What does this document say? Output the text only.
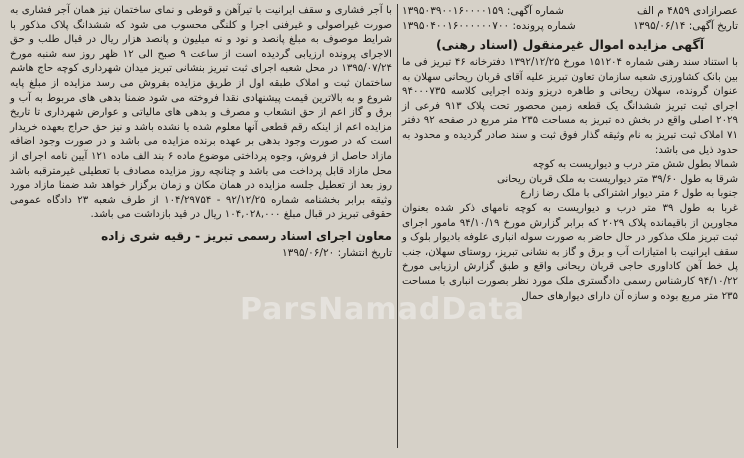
عصرازادی ۴۸۵۹ م الف
شماره آگهی: ۱۳۹۵۰۳۹۰۰۱۶۰۰۰۰۱۵۹
تاریخ آگهی: ۱۳۹۵/۰۶/۱۴
شماره پرونده: ۱۳۹۵۰۴۰۰۱۶۰۰۰۰۰۰۷۰۰
آگهی مزایده اموال غیرمنقول (اسناد رهنی)
با استناد سند رهنی شماره ۱۵۱۲۰۴ مورخ ۱۳۹۲/۱۲/۲۵ دفترخانه ۴۶ تبریز فی ما بین بانک کشاورزی شعبه سازمان تعاون تبریز علیه آقای قربان ریحانی سهلان به عنوان گرونده، سهلان ریحانی و طاهره دریزو ونده اجرایی کلاسه ۹۴۰۰۰۷۳۵ اجرای ثبت تبریز ششدانگ یک قطعه زمین محصور تحت پلاک ۹۱۳ فرعی از ۲۰۲۹ اصلی واقع در بخش ده تبریز به مساحت ۲۳۵ متر مربع در صفحه ۹۲ دفتر ۷۱ املاک ثبت تبریز به نام وثیقه گذار فوق ثبت و سند صادر گردیده و محدود به حدود ذیل می باشد:
شمالا بطول شش متر درب و دیواریست به کوچه
شرقا به طول ۳۹/۶۰ متر دیواریست به ملک قربان ریحانی
جنوبا به طول ۶ متر دیوار اشتراکی با ملک رضا زارع
غربا به طول ۳۹ متر درب و دیواریست به کوچه نامهای ذکر شده بعنوان مجاورین از باقیمانده پلاک ۲۰۲۹ که برابر گزارش مورخ ۹۴/۱۰/۱۹ مامور اجرای ثبت تبریز ملک مذکور در حال حاضر به صورت سوله انباری علوفه بادیوار بلوک و سقف ایرانیت با امتیازات آب و برق و گاز به نشانی تبریز، روستای سهلان، جنب پل خط آهن کاداوری حاجی قربان ریحانی واقع و طبق گزارش ارزیابی مورخ ۹۴/۱۰/۲۲ کارشناس رسمی دادگستری ملک مورد نظر بصورت انباری با مساحت ۲۳۵ متر مربع بوده و سازه آن دارای دیوارهای حمال
با آجر فشاری و سقف ایرانیت با تیرآهن و قوطی و نمای ساختمان نیز همان آجر فشاری به صورت غیراصولی و غیرفنی اجرا و کلنگی محسوب می شود که ششدانگ پلاک مذکور با شرایط موصوف به مبلغ پانصد و نود و نه میلیون و پانصد هزار ریال در قبال طلب و حق الاجرای پرونده ارزیابی گردیده است از ساعت ۹ صبح الی ۱۲ ظهر روز سه شنبه مورخ ۱۳۹۵/۰۷/۲۴ در محل شعبه اجرای ثبت تبریز بنشانی تبریز میدان شهرداری کوچه حاج هاشم ساختمان ثبت و املاک طبقه اول از طریق مزایده بفروش می رسد مزایده از مبلغ پایه شروع و به بالاترین قیمت پیشنهادی نقدا فروخته می شود ضمنا بدهی های مربوط به آب و برق و گاز اعم از حق انشعاب و مصرف و بدهی های مالیاتی و عوارض شهرداری تا تاریخ مزایده اعم از اینکه رقم قطعی آنها معلوم شده یا نشده باشد و نیز حق حراج بعهده خریدار است که در صورت وجود بدهی بر عهده برنده مزایده می باشد و در صورت وجود اضافه مازاد حاصل از فروش، وجوه پرداختی موضوع ماده ۶ بند الف ماده ۱۲۱ آیین نامه اجرای از محل مازاد قابل پرداخت می باشد و چنانچه روز مزایده مصادف با تعطیلی غیرمترقبه باشد روز بعد از تعطیل جلسه مزایده در همان مکان و زمان برگزار خواهد شد ضمنا مازاد مورد وثیقه برابر بخشنامه شماره ۹۲/۱۲/۲۵ - ۱۰۴/۲۹۷۵۴ از طرف شعبه ۲۳ دادگاه عمومی حقوقی تبریز در قبال مبلغ ۱۰۴,۰۲۸,۰۰۰ ریال در قید بازداشت می باشد.
معاون اجرای اسناد رسمی تبریز - رقیه شری زاده
تاریخ انتشار: ۱۳۹۵/۰۶/۲۰
ParsNamadData
